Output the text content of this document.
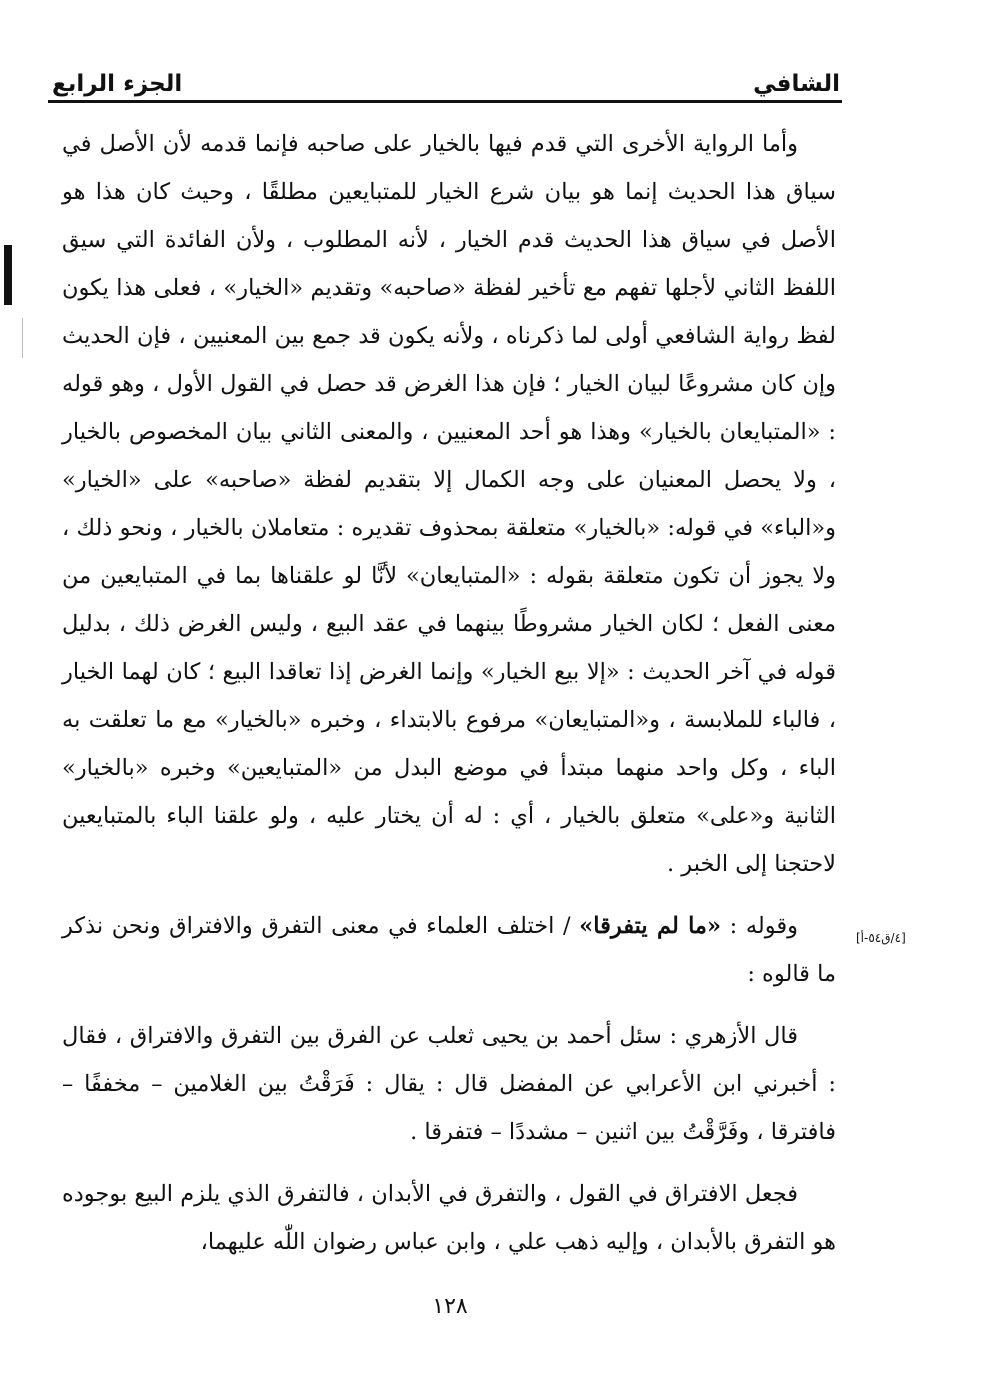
الشافي
الجزء الرابع

وأما الرواية الأخرى التي قدم فيها بالخيار على صاحبه فإنما قدمه لأن الأصل في سياق هذا الحديث إنما هو بيان شرع الخيار للمتبايعين مطلقًا ، وحيث كان هذا هو الأصل في سياق هذا الحديث قدم الخيار ، لأنه المطلوب ، ولأن الفائدة التي سيق اللفظ الثاني لأجلها تفهم مع تأخير لفظة «صاحبه» وتقديم «الخيار» ، فعلى هذا يكون لفظ رواية الشافعي أولى لما ذكرناه ، ولأنه يكون قد جمع بين المعنيين ، فإن الحديث وإن كان مشروعًا لبيان الخيار ؛ فإن هذا الغرض قد حصل في القول الأول ، وهو قوله : «المتبايعان بالخيار» وهذا هو أحد المعنيين ، والمعنى الثاني بيان المخصوص بالخيار ، ولا يحصل المعنيان على وجه الكمال إلا بتقديم لفظة «صاحبه» على «الخيار» و«الباء» في قوله: «بالخيار» متعلقة بمحذوف تقديره : متعاملان بالخيار ، ونحو ذلك ، ولا يجوز أن تكون متعلقة بقوله : «المتبايعان» لأنَّا لو علقناها بما في المتبايعين من معنى الفعل ؛ لكان الخيار مشروطًا بينهما في عقد البيع ، وليس الغرض ذلك ، بدليل قوله في آخر الحديث : «إلا بيع الخيار» وإنما الغرض إذا تعاقدا البيع ؛ كان لهما الخيار ، فالباء للملابسة ، و«المتبايعان» مرفوع بالابتداء ، وخبره «بالخيار» مع ما تعلقت به الباء ، وكل واحد منهما مبتدأ في موضع البدل من «المتبايعين» وخبره «بالخيار» الثانية و«على» متعلق بالخيار ، أي : له أن يختار عليه ، ولو علقنا الباء بالمتبايعين لاحتجنا إلى الخبر .

وقوله : «ما لم يتفرقا» / اختلف العلماء في معنى التفرق والافتراق ونحن نذكر ما قالوه :

قال الأزهري : سئل أحمد بن يحيى ثعلب عن الفرق بين التفرق والافتراق ، فقال : أخبرني ابن الأعرابي عن المفضل قال : يقال : فَرَقْتُ بين الغلامين – مخففًا – فافترقا ، وفَرَّقْتُ بين اثنين – مشددًا – فتفرقا .

فجعل الافتراق في القول ، والتفرق في الأبدان ، فالتفرق الذي يلزم البيع بوجوده هو التفرق بالأبدان ، وإليه ذهب علي ، وابن عباس رضوان اللّٰه عليهما،

[٤/ق٥٤-أ]
١٢٨
